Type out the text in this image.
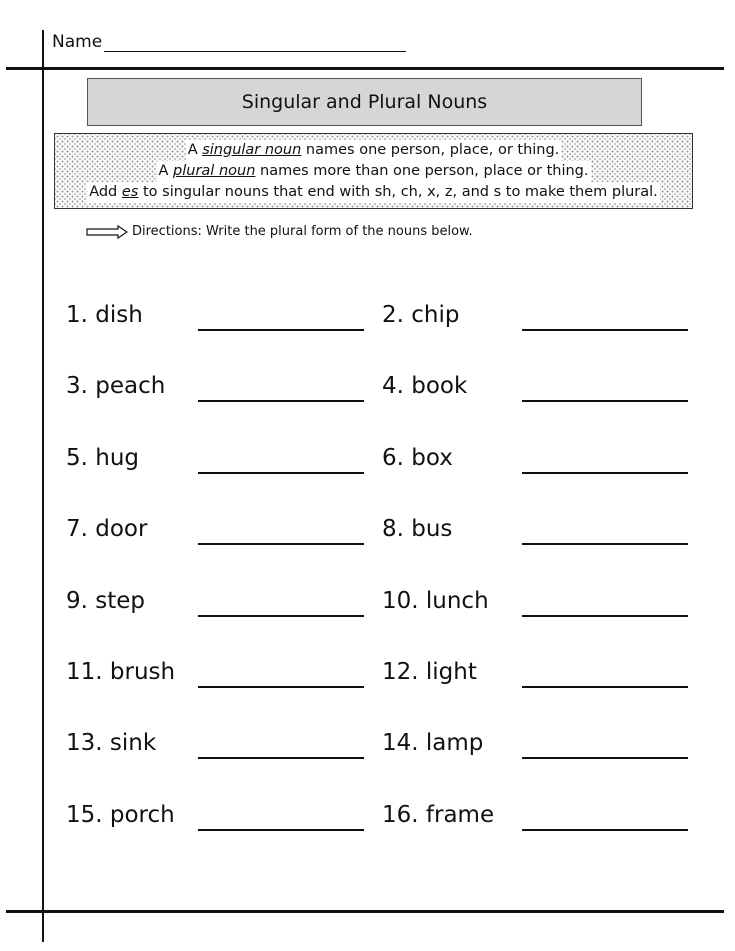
Name
Singular and Plural Nouns
A singular noun names one person, place, or thing.
A plural noun names more than one person, place or thing.
Add es to singular nouns that end with sh, ch, x, z, and s to make them plural.
Directions: Write the plural form of the nouns below.
1. dish	2. chip
3. peach	4. book
5. hug	6. box
7. door	8. bus
9. step	10. lunch
11. brush	12. light
13. sink	14. lamp
15. porch	16. frame
